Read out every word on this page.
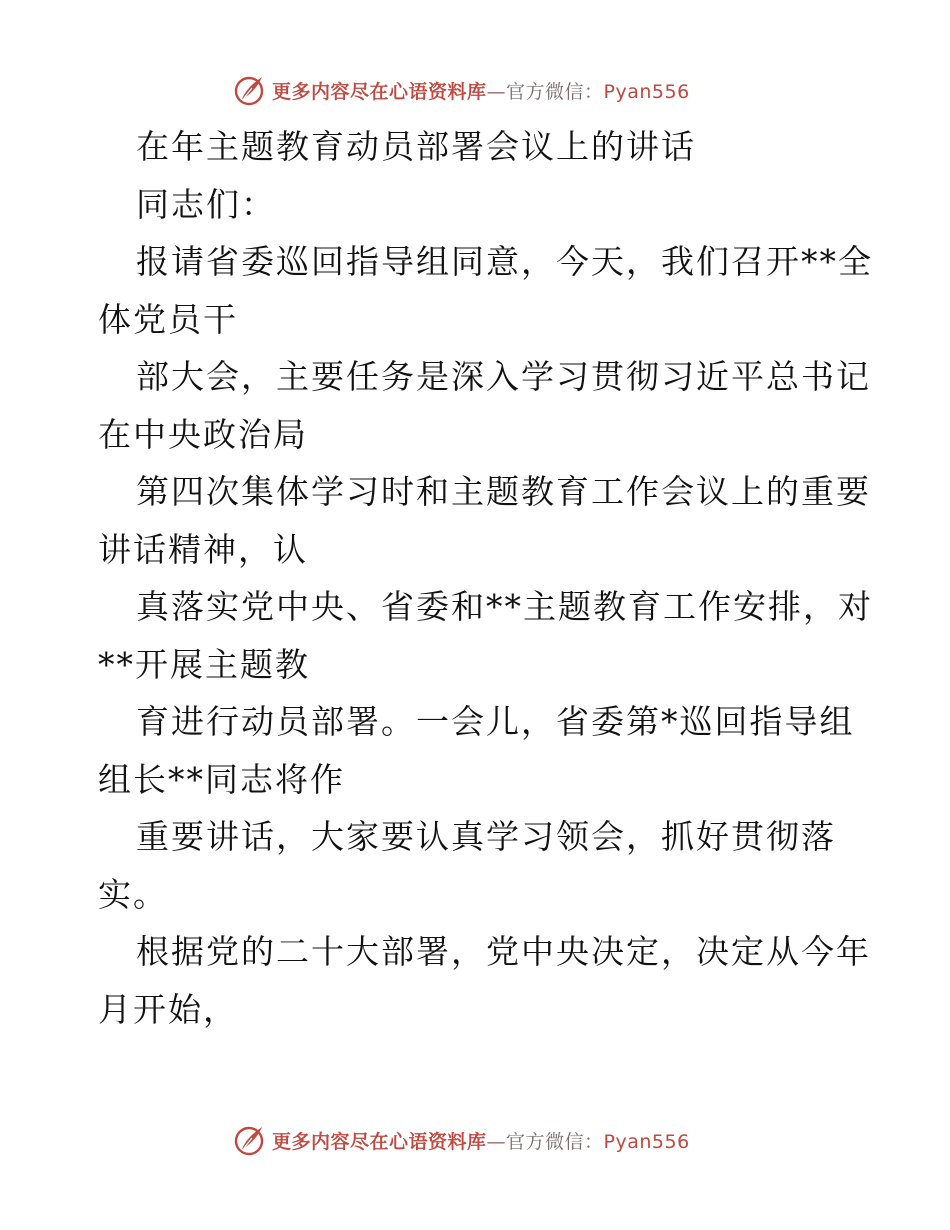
更多内容尽在心语资料库—官方微信：Pyan556
在年主题教育动员部署会议上的讲话
同志们：
报请省委巡回指导组同意，今天，我们召开**全
体党员干
部大会，主要任务是深入学习贯彻习近平总书记
在中央政治局
第四次集体学习时和主题教育工作会议上的重要
讲话精神，认
真落实党中央、省委和**主题教育工作安排，对
**开展主题教
育进行动员部署。一会儿，省委第*巡回指导组
组长**同志将作
重要讲话，大家要认真学习领会，抓好贯彻落
实。
根据党的二十大部署，党中央决定，决定从今年
月开始，
更多内容尽在心语资料库—官方微信：Pyan556
